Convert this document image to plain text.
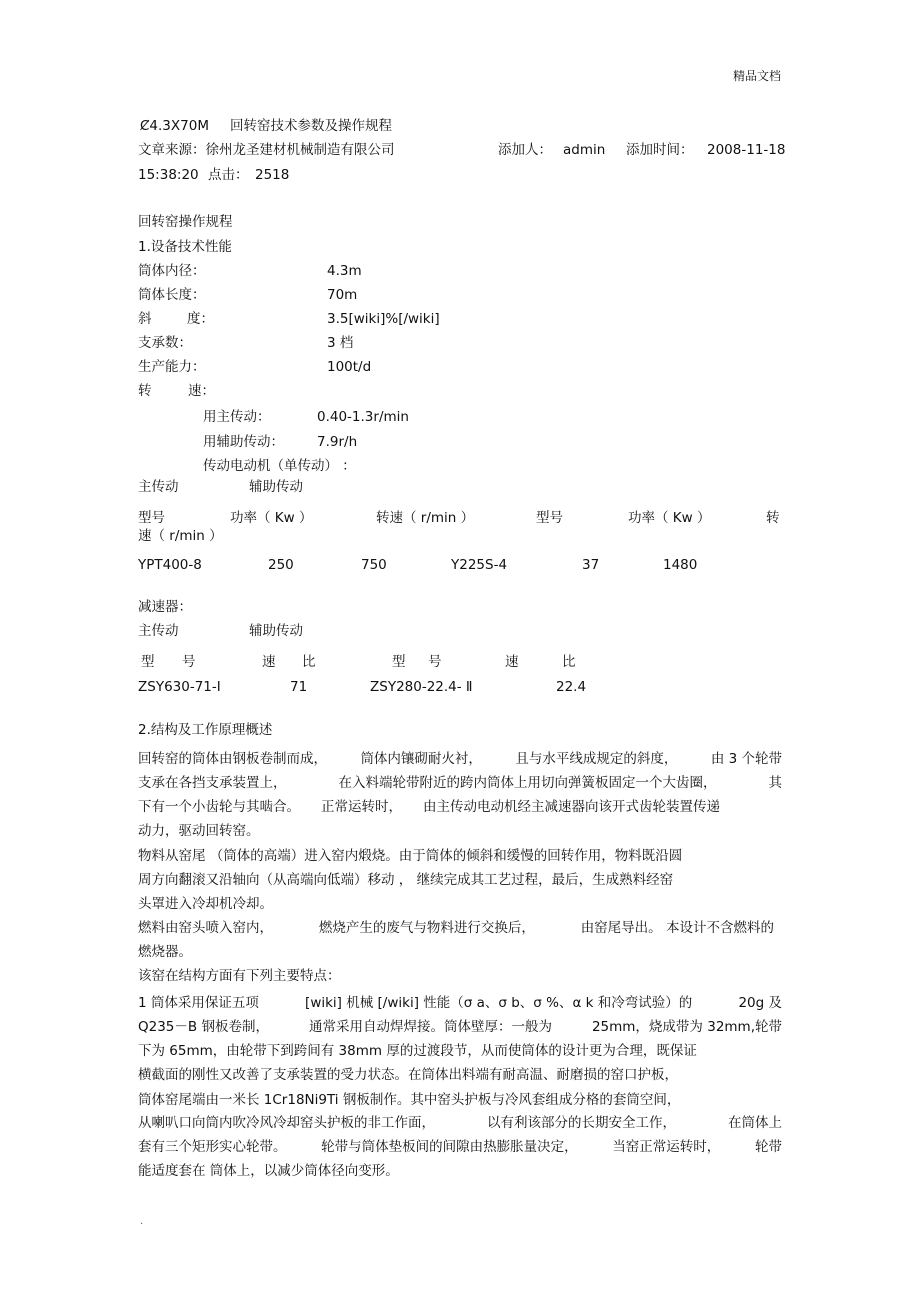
精品文档
Ȼ4.3X70M 回转窑技术参数及操作规程
文章来源：徐州龙圣建材机械制造有限公司	添加人： admin 添加时间： 2008-11-18
15:38:20 点击： 2518
回转窑操作规程
1.设备技术性能
筒体内径：	4.3m
筒体长度：	70m
斜	度：	3.5[wiki]%[/wiki]
支承数：	3 档
生产能力：	100t/d
转	速：
用主传动：	0.40-1.3r/min
用辅助传动： 7.9r/h
传动电动机（单传动） ：
主传动	辅助传动
型号	功率（ Kw ）	转速（ r/min ）	型号	功率（ Kw ）	转
速（ r/min ）
YPT400-8	250	750	Y225S-4	37	1480
减速器：
主传动	辅助传动
型 号	速 比	型 号	速	比
ZSY630-71-I	71	ZSY280-22.4- Ⅱ	22.4
2.结构及工作原理概述
回转窑的筒体由钢板卷制而成， 筒体内镶砌耐火衬， 且与水平线成规定的斜度， 由 3 个轮带
支承在各挡支承装置上，	在入料端轮带附近的跨内筒体上用切向弹簧板固定一个大齿圈，	其
下有一个小齿轮与其啮合。 正常运转时， 由主传动电动机经主减速器向该开式齿轮装置传递
动力，驱动回转窑。
物料从窑尾 （筒体的高端）进入窑内煅烧。由于筒体的倾斜和缓慢的回转作用，物料既沿圆
周方向翻滚又沿轴向（从高端向低端）移动 ， 继续完成其工艺过程，最后，生成熟料经窑
头罩进入冷却机冷却。
燃料由窑头喷入窑内，	燃烧产生的废气与物料进行交换后，	由窑尾导出。 本设计不含燃料的
燃烧器。
该窑在结构方面有下列主要特点：
1 筒体采用保证五项	[wiki] 机械 [/wiki] 性能（σ a、σ b、σ %、α k 和冷弯试验）的	20g 及
Q235－B 钢板卷制，	通常采用自动焊焊接。筒体壁厚：一般为	25mm，烧成带为 32mm,轮带
下为 65mm，由轮带下到跨间有 38mm 厚的过渡段节，从而使筒体的设计更为合理，既保证
横截面的刚性又改善了支承装置的受力状态。在筒体出料端有耐高温、耐磨损的窑口护板，
筒体窑尾端由一米长 1Cr18Ni9Ti 钢板制作。其中窑头护板与冷风套组成分格的套筒空间，
从喇叭口向筒内吹冷风冷却窑头护板的非工作面，	以有利该部分的长期安全工作，	在筒体上
套有三个矩形实心轮带。	轮带与筒体垫板间的间隙由热膨胀量决定，	当窑正常运转时，	轮带
能适度套在 筒体上，以减少筒体径向变形。
.
